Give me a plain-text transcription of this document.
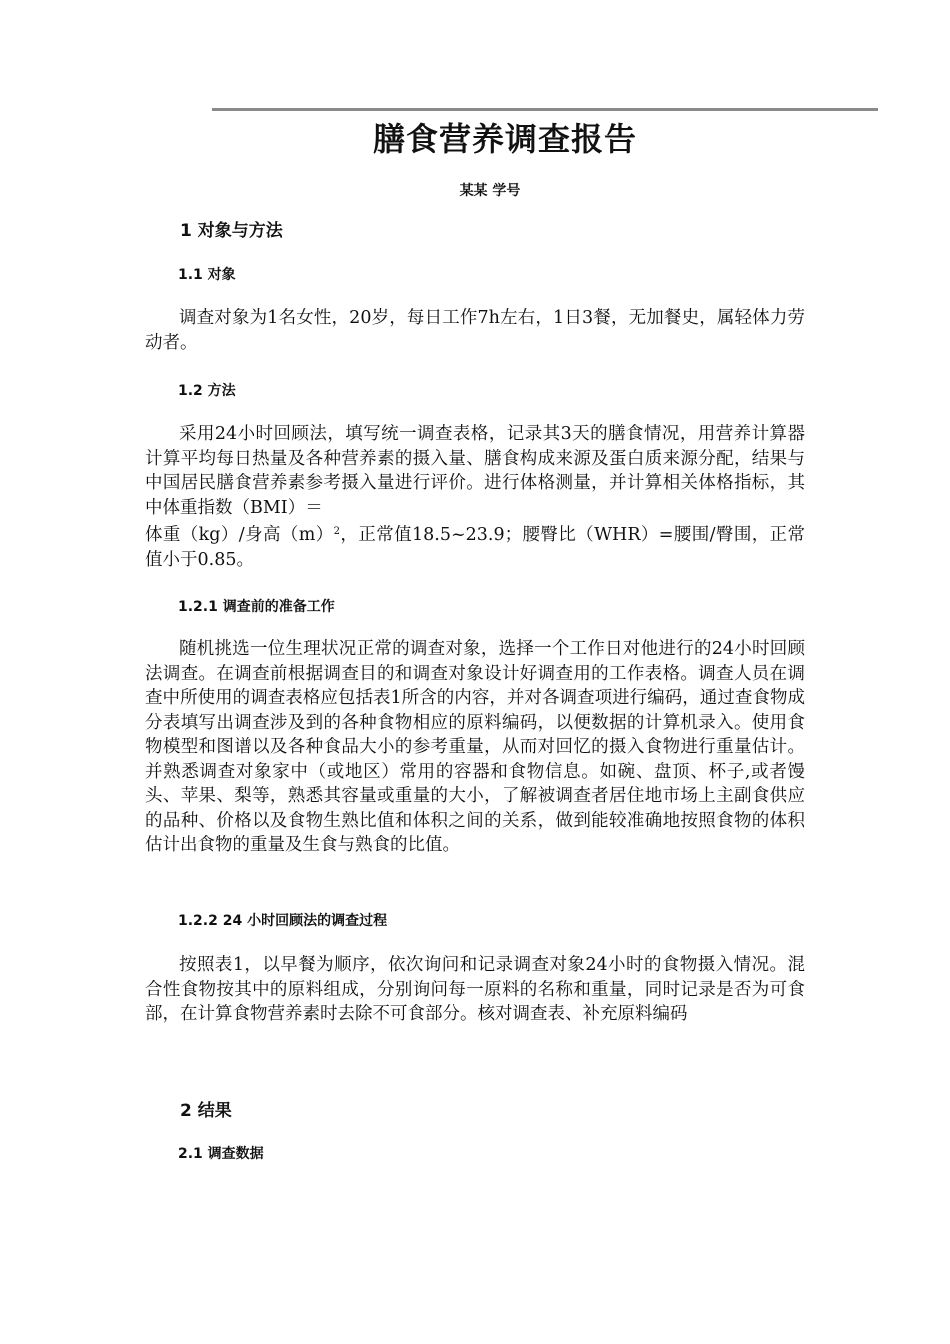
膳食营养调查报告
某某 学号
1 对象与方法
1.1 对象

调查对象为1名女性，20岁，每日工作7h左右，1日3餐，无加餐史，属轻体力劳动者。

1.2 方法

采用24小时回顾法，填写统一调查表格，记录其3天的膳食情况，用营养计算器计算平均每日热量及各种营养素的摄入量、膳食构成来源及蛋白质来源分配，结果与中国居民膳食营养素参考摄入量进行评价。进行体格测量，并计算相关体格指标，其中体重指数（BMI）＝
体重（kg）/身高$(m)^2$，正常值18.5~23.9；腰臀比（WHR）=腰围/臀围，正常值小于0.85。

1.2.1 调查前的准备工作

随机挑选一位生理状况正常的调查对象，选择一个工作日对他进行的24小时回顾法调查。在调查前根据调查目的和调查对象设计好调查用的工作表格。调查人员在调查中所使用的调查表格应包括表1所含的内容，并对各调查项进行编码，通过查食物成分表填写出调查涉及到的各种食物相应的原料编码，以便数据的计算机录入。使用食物模型和图谱以及各种食品大小的参考重量，从而对回忆的摄入食物进行重量估计。并熟悉调查对象家中（或地区）常用的容器和食物信息。如碗、盘顶、杯子,或者馒头、苹果、梨等，熟悉其容量或重量的大小，了解被调查者居住地市场上主副食供应的品种、价格以及食物生熟比值和体积之间的关系，做到能较准确地按照食物的体积估计出食物的重量及生食与熟食的比值。

1.2.2 24 小时回顾法的调查过程

按照表1，以早餐为顺序，依次询问和记录调查对象24小时的食物摄入情况。混合性食物按其中的原料组成，分别询问每一原料的名称和重量，同时记录是否为可食部，在计算食物营养素时去除不可食部分。核对调查表、补充原料编码

2 结果
2.1 调查数据
